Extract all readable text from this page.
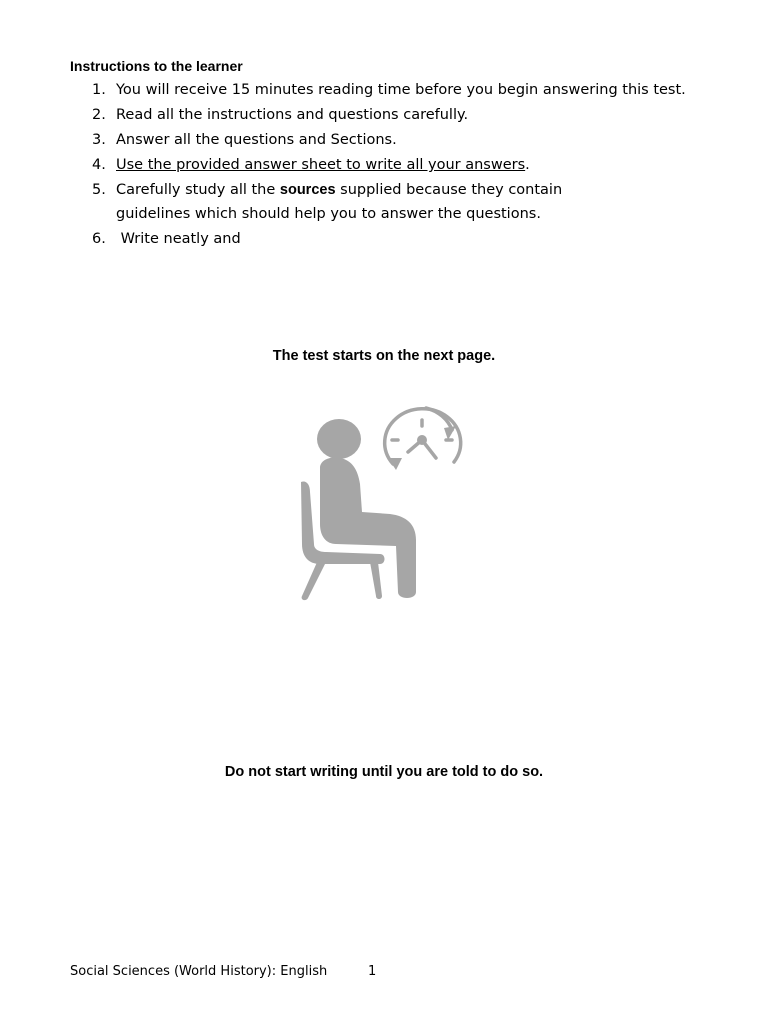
Instructions to the learner
1. You will receive 15 minutes reading time before you begin answering this test.
2. Read all the instructions and questions carefully.
3. Answer all the questions and Sections.
4. Use the provided answer sheet to write all your answers.
5. Carefully study all the sources supplied because they contain
guidelines which should help you to answer the questions.
6. Write neatly and
The test starts on the next page.
Do not start writing until you are told to do so.
Social Sciences (World History): English	1
